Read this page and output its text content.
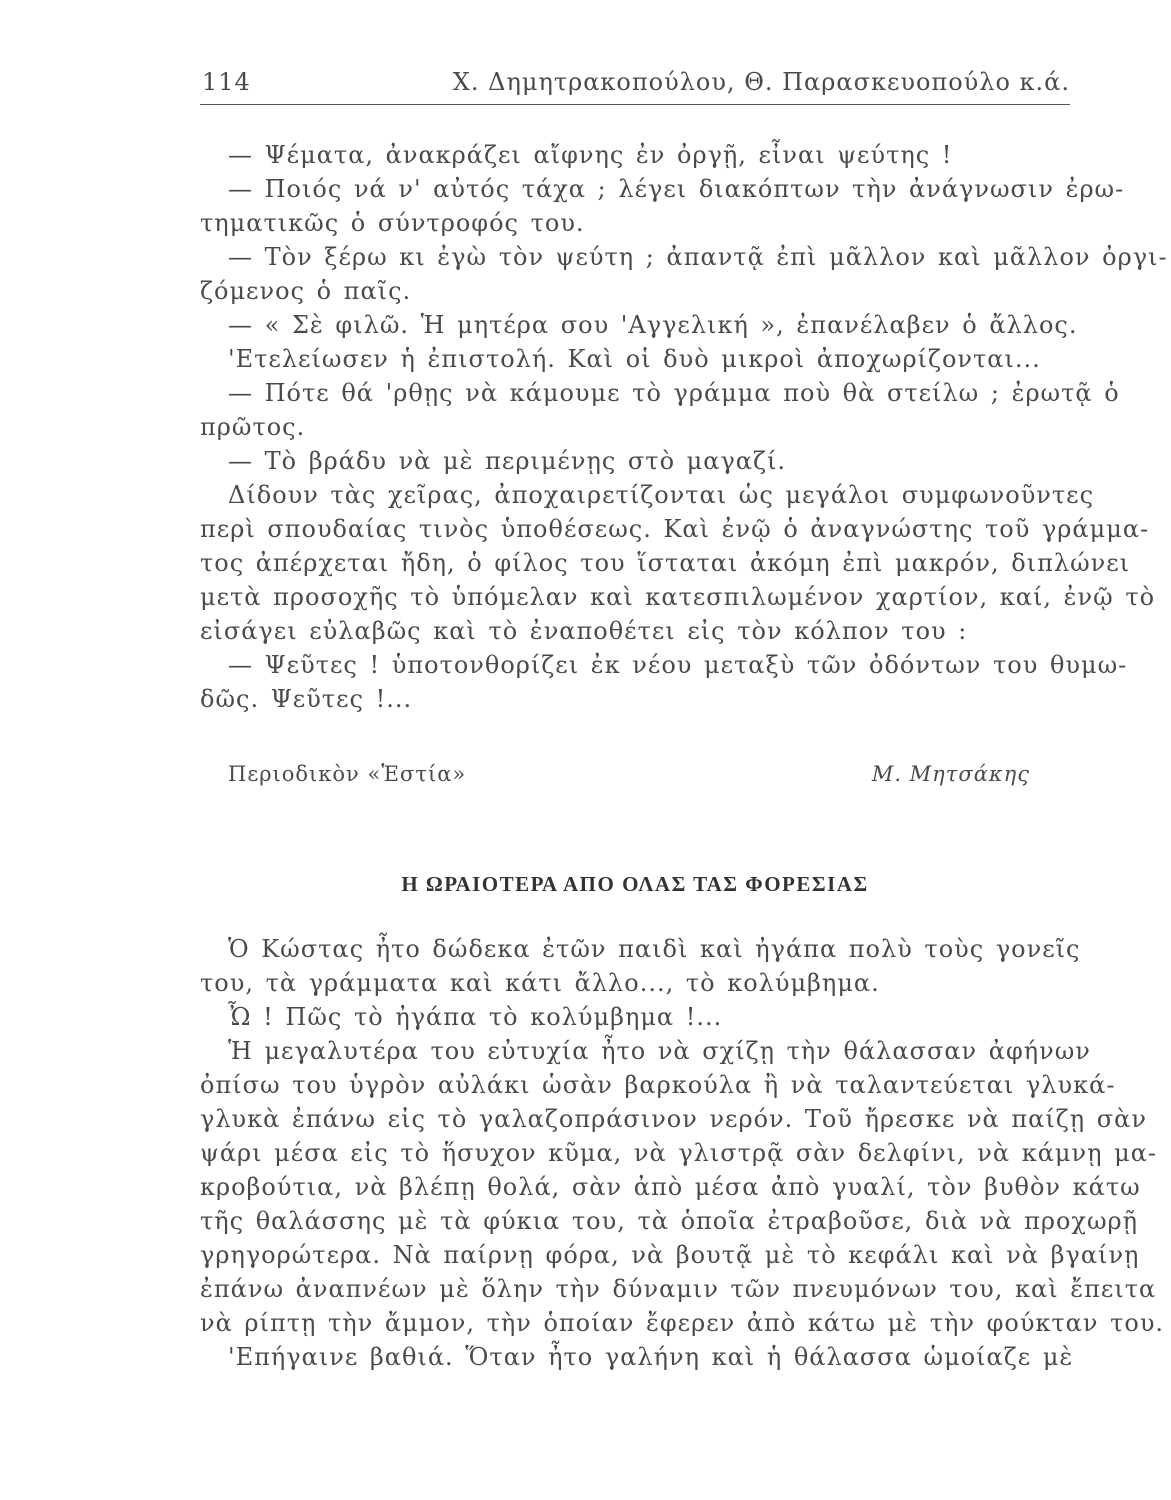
114	Χ. Δημητρακοπούλου, Θ. Παρασκευοπούλο κ.ά.
— Ψέματα, ἀνακράζει αἴφνης ἐν ὀργῇ, εἶναι ψεύτης !
— Ποιός νά ν' αὐτός τάχα ; λέγει διακόπτων τὴν ἀνάγνωσιν ἐρω-
τηματικῶς ὁ σύντροφός του.
— Τὸν ξέρω κι ἐγὼ τὸν ψεύτη ; ἀπαντᾷ ἐπὶ μᾶλλον καὶ μᾶλλον ὀργι-
ζόμενος ὁ παῖς.
— « Σὲ φιλῶ. Ἡ μητέρα σου 'Αγγελική », ἐπανέλαβεν ὁ ἄλλος.
'Ετελείωσεν ἡ ἐπιστολή. Καὶ οἱ δυὸ μικροὶ ἀποχωρίζονται...
— Πότε θά 'ρθῃς νὰ κάμουμε τὸ γράμμα ποὺ θὰ στείλω ; ἐρωτᾷ ὁ
πρῶτος.
— Τὸ βράδυ νὰ μὲ περιμένῃς στὸ μαγαζί.
Δίδουν τὰς χεῖρας, ἀποχαιρετίζονται ὡς μεγάλοι συμφωνοῦντες
περὶ σπουδαίας τινὸς ὑποθέσεως. Καὶ ἐνῷ ὁ ἀναγνώστης τοῦ γράμμα-
τος ἀπέρχεται ἤδη, ὁ φίλος του ἵσταται ἀκόμη ἐπὶ μακρόν, διπλώνει
μετὰ προσοχῆς τὸ ὑπόμελαν καὶ κατεσπιλωμένον χαρτίον, καί, ἐνῷ τὸ
εἰσάγει εὐλαβῶς καὶ τὸ ἐναποθέτει εἰς τὸν κόλπον του :
— Ψεῦτες ! ὑποτονθορίζει ἐκ νέου μεταξὺ τῶν ὀδόντων του θυμω-
δῶς. Ψεῦτες !...
Περιοδικὸν «Ἑστία»	Μ. Μητσάκης
Η ΩΡΑΙΟΤΕΡΑ ΑΠΟ ΟΛΑΣ ΤΑΣ ΦΟΡΕΣΙΑΣ
Ὁ Κώστας ἦτο δώδεκα ἐτῶν παιδὶ καὶ ἠγάπα πολὺ τοὺς γονεῖς
του, τὰ γράμματα καὶ κάτι ἄλλο..., τὸ κολύμβημα.
Ὦ ! Πῶς τὸ ἠγάπα τὸ κολύμβημα !...
Ἡ μεγαλυτέρα του εὐτυχία ἦτο νὰ σχίζῃ τὴν θάλασσαν ἀφήνων
ὀπίσω του ὑγρὸν αὐλάκι ὡσὰν βαρκούλα ἢ νὰ ταλαντεύεται γλυκά-
γλυκὰ ἐπάνω εἰς τὸ γαλαζοπράσινον νερόν. Τοῦ ἤρεσκε νὰ παίζῃ σὰν
ψάρι μέσα εἰς τὸ ἥσυχον κῦμα, νὰ γλιστρᾷ σὰν δελφίνι, νὰ κάμνῃ μα-
κροβούτια, νὰ βλέπῃ θολά, σὰν ἀπὸ μέσα ἀπὸ γυαλί, τὸν βυθὸν κάτω
τῆς θαλάσσης μὲ τὰ φύκια του, τὰ ὁποῖα ἐτραβοῦσε, διὰ νὰ προχωρῇ
γρηγορώτερα. Νὰ παίρνῃ φόρα, νὰ βουτᾷ μὲ τὸ κεφάλι καὶ νὰ βγαίνῃ
ἐπάνω ἀναπνέων μὲ ὅλην τὴν δύναμιν τῶν πνευμόνων του, καὶ ἔπειτα
νὰ ρίπτῃ τὴν ἄμμον, τὴν ὁποίαν ἔφερεν ἀπὸ κάτω μὲ τὴν φούκταν του.
'Επήγαινε βαθιά. Ὅταν ἦτο γαλήνη καὶ ἡ θάλασσα ὡμοίαζε μὲ
